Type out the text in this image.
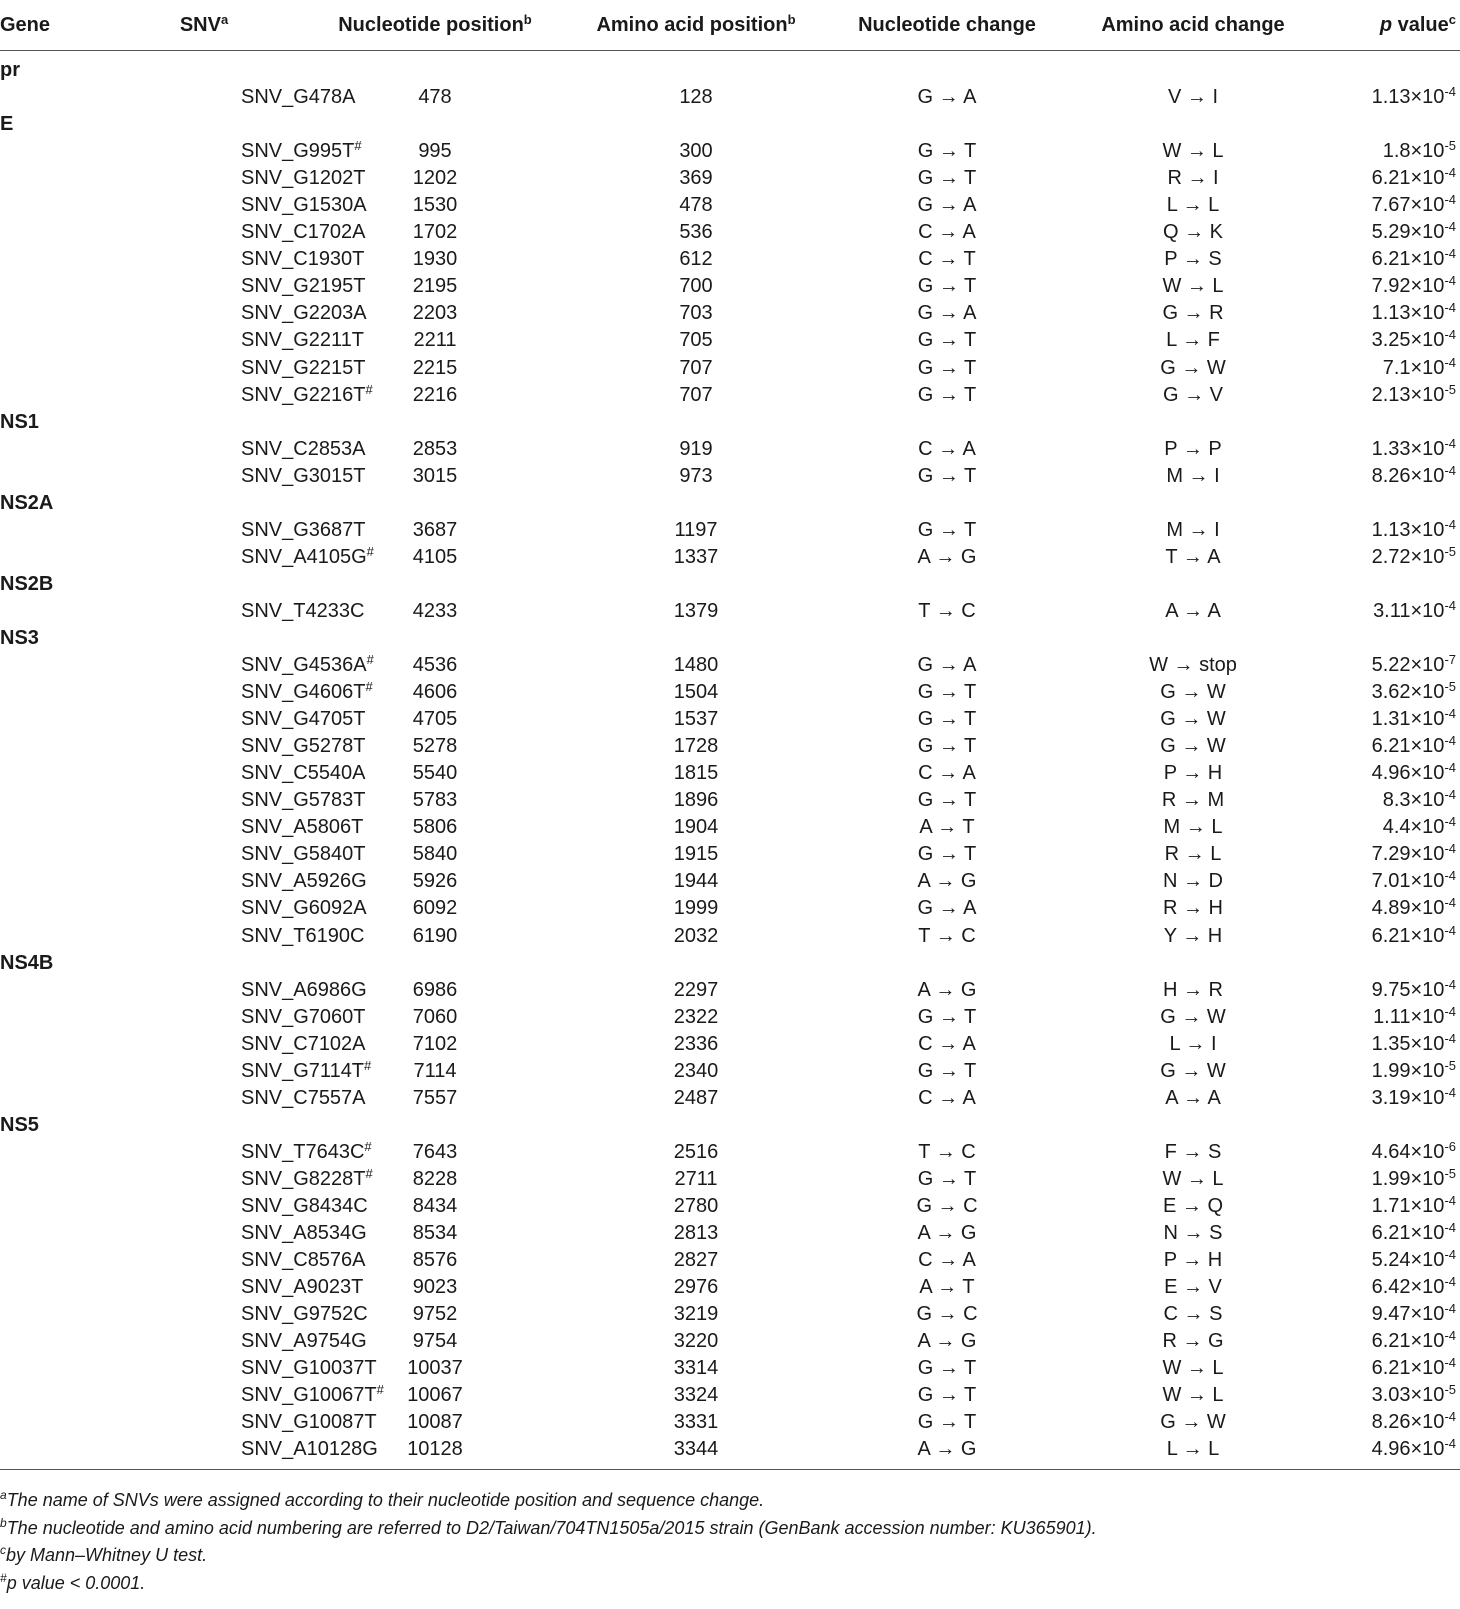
Gene	SNV$^a$	Nucleotide position$^b$	Amino acid position$^b$	Nucleotide change	Amino acid change	p value$^c$
pr						
	SNV_G478A	478	128	G → A	V → I	$1.13\times 10^{-4}$
E						
	SNV_G995T#	995	300	G → T	W → L	$1.8\times 10^{-5}$
	SNV_G1202T	1202	369	G → T	R → I	$6.21\times 10^{-4}$
	SNV_G1530A	1530	478	G → A	L → L	$7.67\times 10^{-4}$
	SNV_C1702A	1702	536	C → A	Q → K	$5.29\times 10^{-4}$
	SNV_C1930T	1930	612	C → T	P → S	$6.21\times 10^{-4}$
	SNV_G2195T	2195	700	G → T	W → L	$7.92\times 10^{-4}$
	SNV_G2203A	2203	703	G → A	G → R	$1.13\times 10^{-4}$
	SNV_G2211T	2211	705	G → T	L → F	$3.25\times 10^{-4}$
	SNV_G2215T	2215	707	G → T	G → W	$7.1\times 10^{-4}$
	SNV_G2216T#	2216	707	G → T	G → V	$2.13\times 10^{-5}$
NS1						
	SNV_C2853A	2853	919	C → A	P → P	$1.33\times 10^{-4}$
	SNV_G3015T	3015	973	G → T	M → I	$8.26\times 10^{-4}$
NS2A						
	SNV_G3687T	3687	1197	G → T	M → I	$1.13\times 10^{-4}$
	SNV_A4105G#	4105	1337	A → G	T → A	$2.72\times 10^{-5}$
NS2B						
	SNV_T4233C	4233	1379	T → C	A → A	$3.11\times 10^{-4}$
NS3						
	SNV_G4536A#	4536	1480	G → A	W → stop	$5.22\times 10^{-7}$
	SNV_G4606T#	4606	1504	G → T	G → W	$3.62\times 10^{-5}$
	SNV_G4705T	4705	1537	G → T	G → W	$1.31\times 10^{-4}$
	SNV_G5278T	5278	1728	G → T	G → W	$6.21\times 10^{-4}$
	SNV_C5540A	5540	1815	C → A	P → H	$4.96\times 10^{-4}$
	SNV_G5783T	5783	1896	G → T	R → M	$8.3\times 10^{-4}$
	SNV_A5806T	5806	1904	A → T	M → L	$4.4\times 10^{-4}$
	SNV_G5840T	5840	1915	G → T	R → L	$7.29\times 10^{-4}$
	SNV_A5926G	5926	1944	A → G	N → D	$7.01\times 10^{-4}$
	SNV_G6092A	6092	1999	G → A	R → H	$4.89\times 10^{-4}$
	SNV_T6190C	6190	2032	T → C	Y → H	$6.21\times 10^{-4}$
NS4B						
	SNV_A6986G	6986	2297	A → G	H → R	$9.75\times 10^{-4}$
	SNV_G7060T	7060	2322	G → T	G → W	$1.11\times 10^{-4}$
	SNV_C7102A	7102	2336	C → A	L → I	$1.35\times 10^{-4}$
	SNV_G7114T#	7114	2340	G → T	G → W	$1.99\times 10^{-5}$
	SNV_C7557A	7557	2487	C → A	A → A	$3.19\times 10^{-4}$
NS5						
	SNV_T7643C#	7643	2516	T → C	F → S	$4.64\times 10^{-6}$
	SNV_G8228T#	8228	2711	G → T	W → L	$1.99\times 10^{-5}$
	SNV_G8434C	8434	2780	G → C	E → Q	$1.71\times 10^{-4}$
	SNV_A8534G	8534	2813	A → G	N → S	$6.21\times 10^{-4}$
	SNV_C8576A	8576	2827	C → A	P → H	$5.24\times 10^{-4}$
	SNV_A9023T	9023	2976	A → T	E → V	$6.42\times 10^{-4}$
	SNV_G9752C	9752	3219	G → C	C → S	$9.47\times 10^{-4}$
	SNV_A9754G	9754	3220	A → G	R → G	$6.21\times 10^{-4}$
	SNV_G10037T	10037	3314	G → T	W → L	$6.21\times 10^{-4}$
	SNV_G10067T#	10067	3324	G → T	W → L	$3.03\times 10^{-5}$
	SNV_G10087T	10087	3331	G → T	G → W	$8.26\times 10^{-4}$
	SNV_A10128G	10128	3344	A → G	L → L	$4.96\times 10^{-4}$
$^a$The name of SNVs were assigned according to their nucleotide position and sequence change.
$^b$The nucleotide and amino acid numbering are referred to D2/Taiwan/704TN1505a/2015 strain (GenBank accession number: KU365901).
$^c$by Mann–Whitney U test.
#p value < 0.0001.
